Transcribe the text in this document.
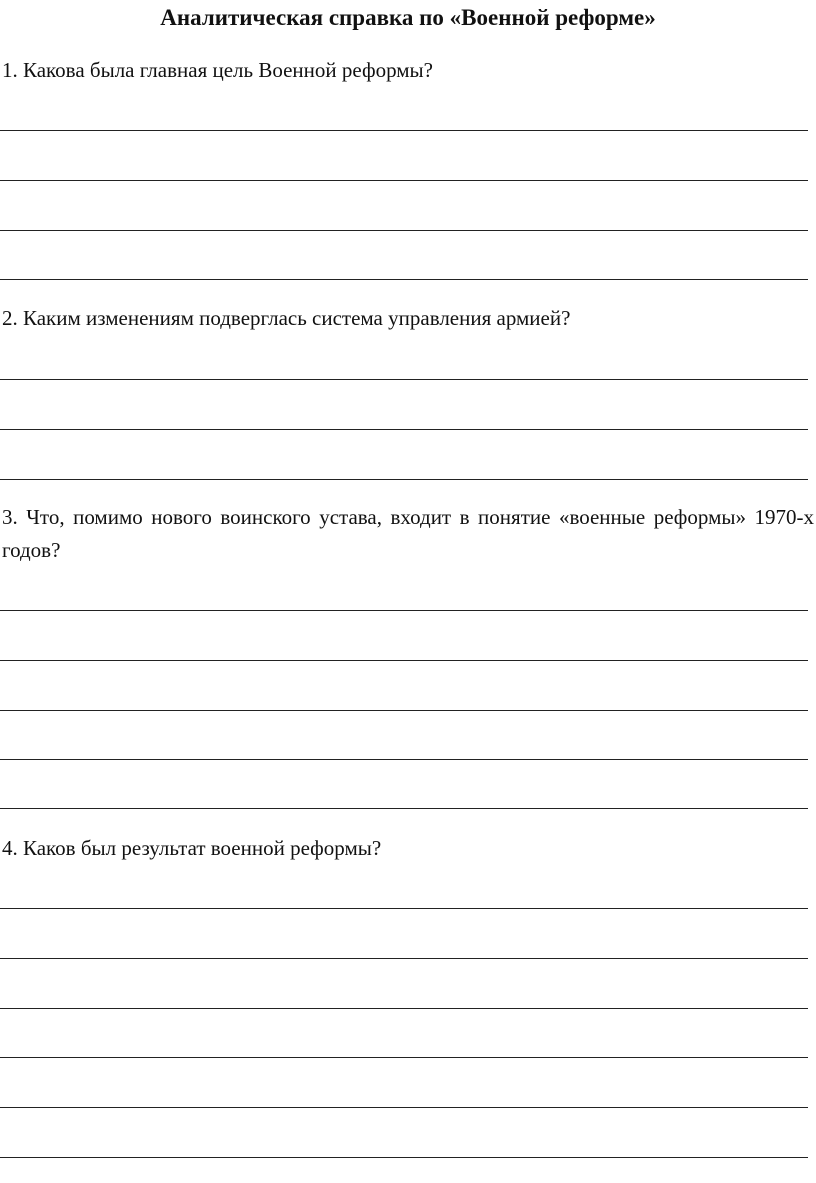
Аналитическая справка по «Военной реформе»

1. Какова была главная цель Военной реформы?

2. Каким изменениям подверглась система управления армией?

3. Что, помимо нового воинского устава, входит в понятие «военные реформы» 1970-х годов?

4. Каков был результат военной реформы?
